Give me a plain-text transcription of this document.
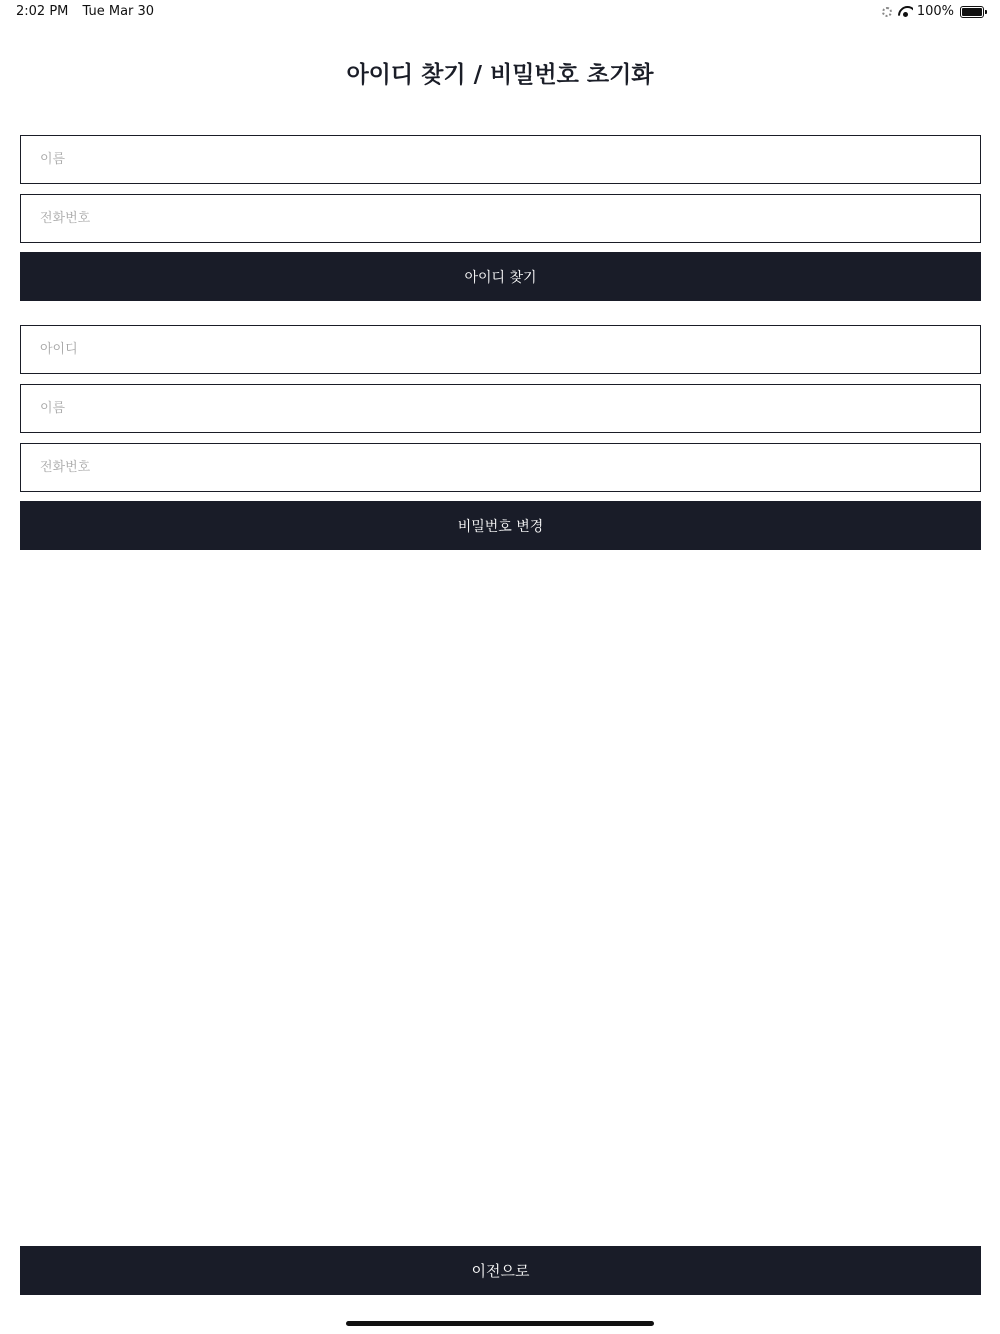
2:02 PM Tue Mar 30	100%
아이디 찾기 / 비밀번호 초기화
이름
전화번호
아이디 찾기
아이디
이름
전화번호
비밀번호 변경
이전으로
